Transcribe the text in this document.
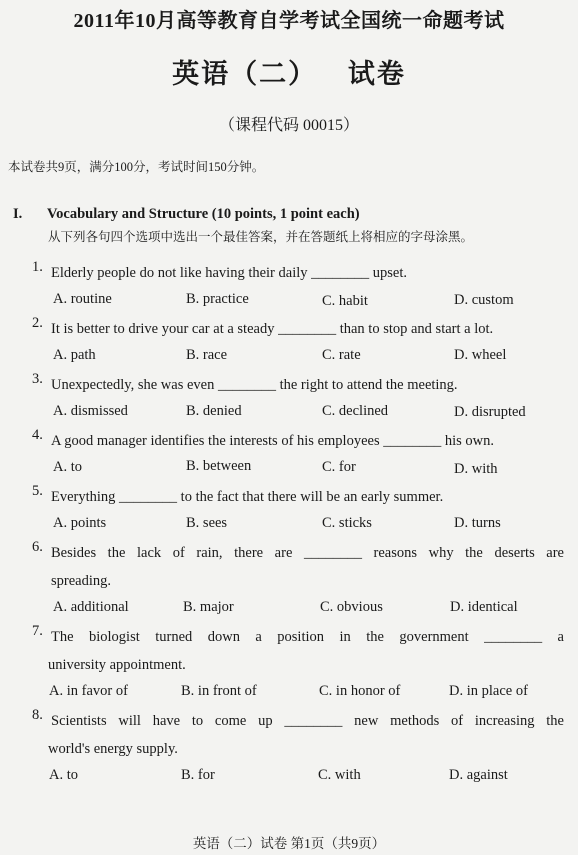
2011年10月高等教育自学考试全国统一命题考试
英语（二） 试卷
（课程代码 00015）
本试卷共9页，满分100分，考试时间150分钟。
I. Vocabulary and Structure (10 points, 1 point each)
从下列各句四个选项中选出一个最佳答案，并在答题纸上将相应的字母涂黑。
1. Elderly people do not like having their daily ________ upset.
A. routine	B. practice	C. habit	D. custom
2. It is better to drive your car at a steady ________ than to stop and start a lot.
A. path	B. race	C. rate	D. wheel
3. Unexpectedly, she was even ________ the right to attend the meeting.
A. dismissed	B. denied	C. declined	D. disrupted
4. A good manager identifies the interests of his employees ________ his own.
A. to	B. between	C. for	D. with
5. Everything ________ to the fact that there will be an early summer.
A. points	B. sees	C. sticks	D. turns
6. Besides the lack of rain, there are ________ reasons why the deserts are
spreading.
A. additional	B. major	C. obvious	D. identical
7. The biologist turned down a position in the government ________ a
university appointment.
A. in favor of	B. in front of	C. in honor of	D. in place of
8. Scientists will have to come up ________ new methods of increasing the
world's energy supply.
A. to	B. for	C. with	D. against
英语（二）试卷 第1页（共9页）
